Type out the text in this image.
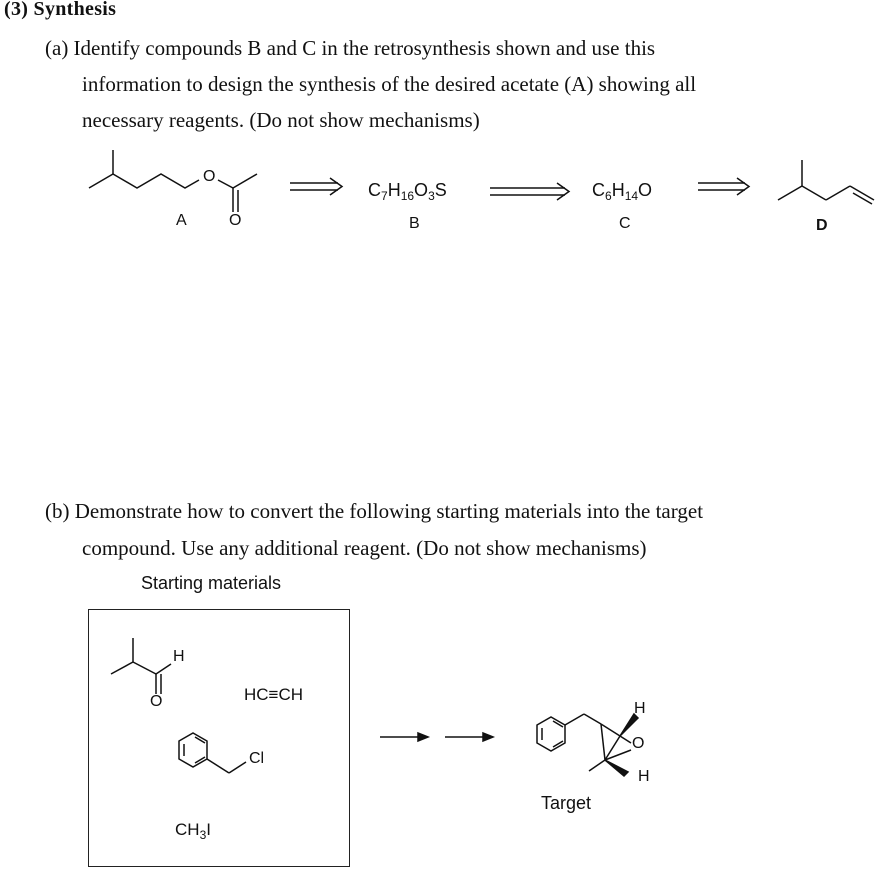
(3) Synthesis
(a) Identify compounds B and C in the retrosynthesis shown and use this
information to design the synthesis of the desired acetate (A) showing all
necessary reagents. (Do not show mechanisms)
A
O
O
$C_7H_{16}O_3S$
B
$C_6H_{14}O$
C	D
(b) Demonstrate how to convert the following starting materials into the target
compound. Use any additional reagent. (Do not show mechanisms)
Starting materials
H
O	HC≡CH
Cl
$CH_3I$
H
O
H
Target
